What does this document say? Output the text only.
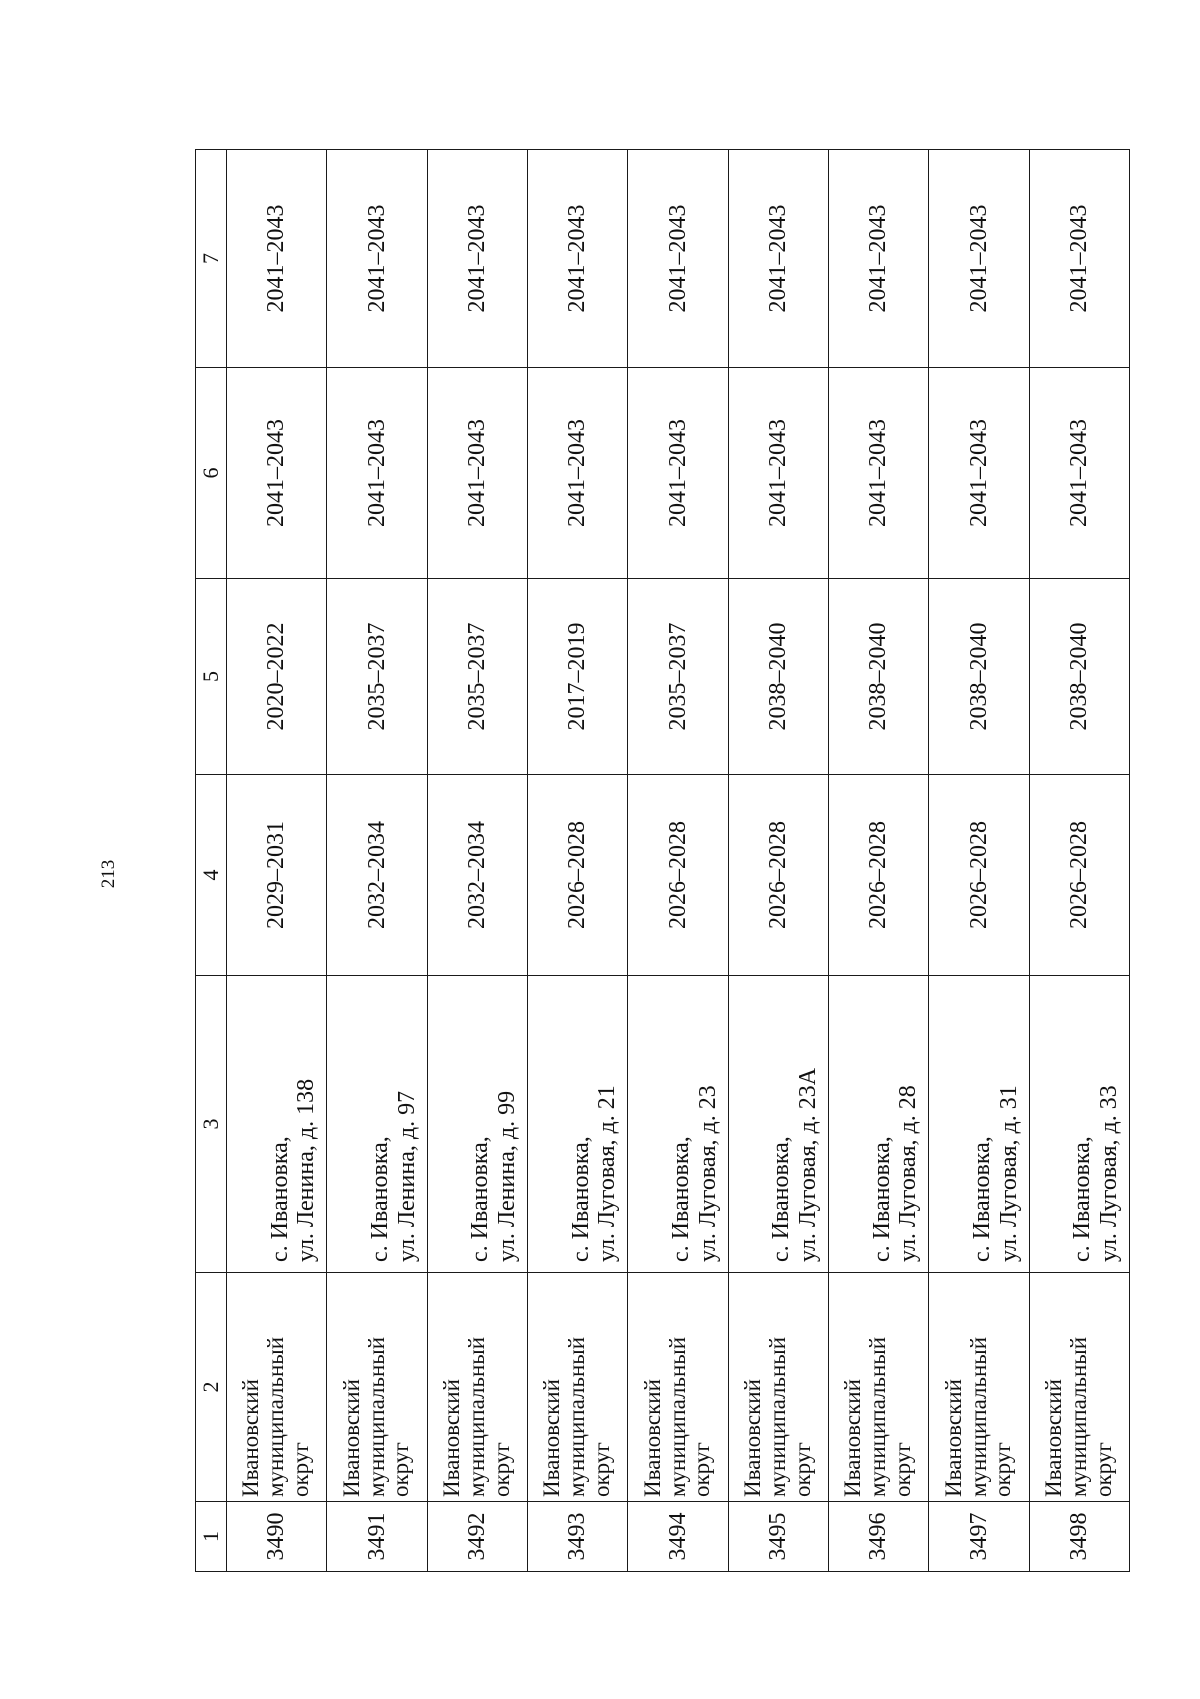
213
1	2	3	4	5	6	7
3490	Ивановский муниципальный округ	с. Ивановка, ул. Ленина, д. 138	2029–2031	2020–2022	2041–2043	2041–2043
3491	Ивановский муниципальный округ	с. Ивановка, ул. Ленина, д. 97	2032–2034	2035–2037	2041–2043	2041–2043
3492	Ивановский муниципальный округ	с. Ивановка, ул. Ленина, д. 99	2032–2034	2035–2037	2041–2043	2041–2043
3493	Ивановский муниципальный округ	с. Ивановка, ул. Луговая, д. 21	2026–2028	2017–2019	2041–2043	2041–2043
3494	Ивановский муниципальный округ	с. Ивановка, ул. Луговая, д. 23	2026–2028	2035–2037	2041–2043	2041–2043
3495	Ивановский муниципальный округ	с. Ивановка, ул. Луговая, д. 23А	2026–2028	2038–2040	2041–2043	2041–2043
3496	Ивановский муниципальный округ	с. Ивановка, ул. Луговая, д. 28	2026–2028	2038–2040	2041–2043	2041–2043
3497	Ивановский муниципальный округ	с. Ивановка, ул. Луговая, д. 31	2026–2028	2038–2040	2041–2043	2041–2043
3498	Ивановский муниципальный округ	с. Ивановка, ул. Луговая, д. 33	2026–2028	2038–2040	2041–2043	2041–2043
